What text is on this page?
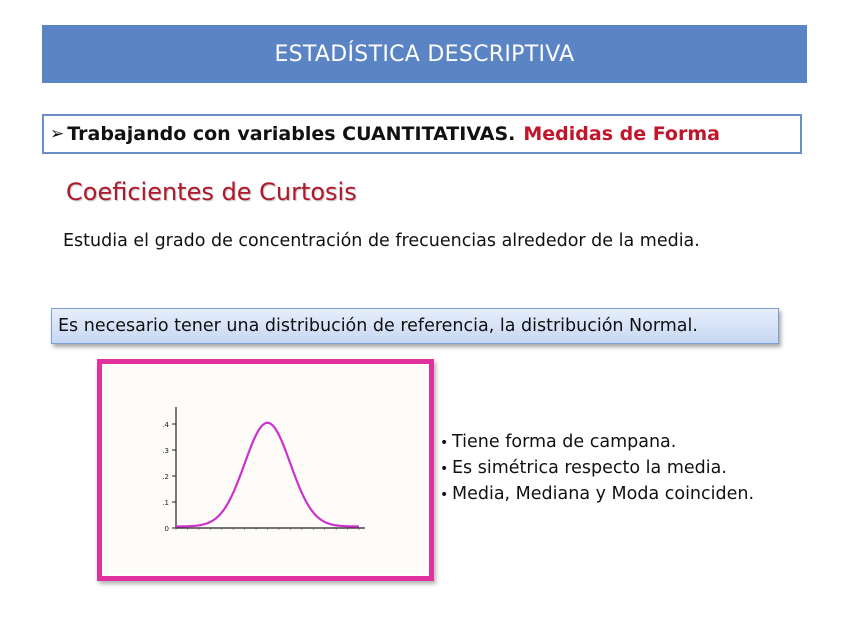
ESTADÍSTICA DESCRIPTIVA
➢ Trabajando con variables CUANTITATIVAS. Medidas de Forma
Coeficientes de Curtosis
Estudia el grado de concentración de frecuencias alrededor de la media.
Es necesario tener una distribución de referencia, la distribución Normal.
0
.1
.2
.3
.4
• Tiene forma de campana.
• Es simétrica respecto la media.
• Media, Mediana y Moda coinciden.
